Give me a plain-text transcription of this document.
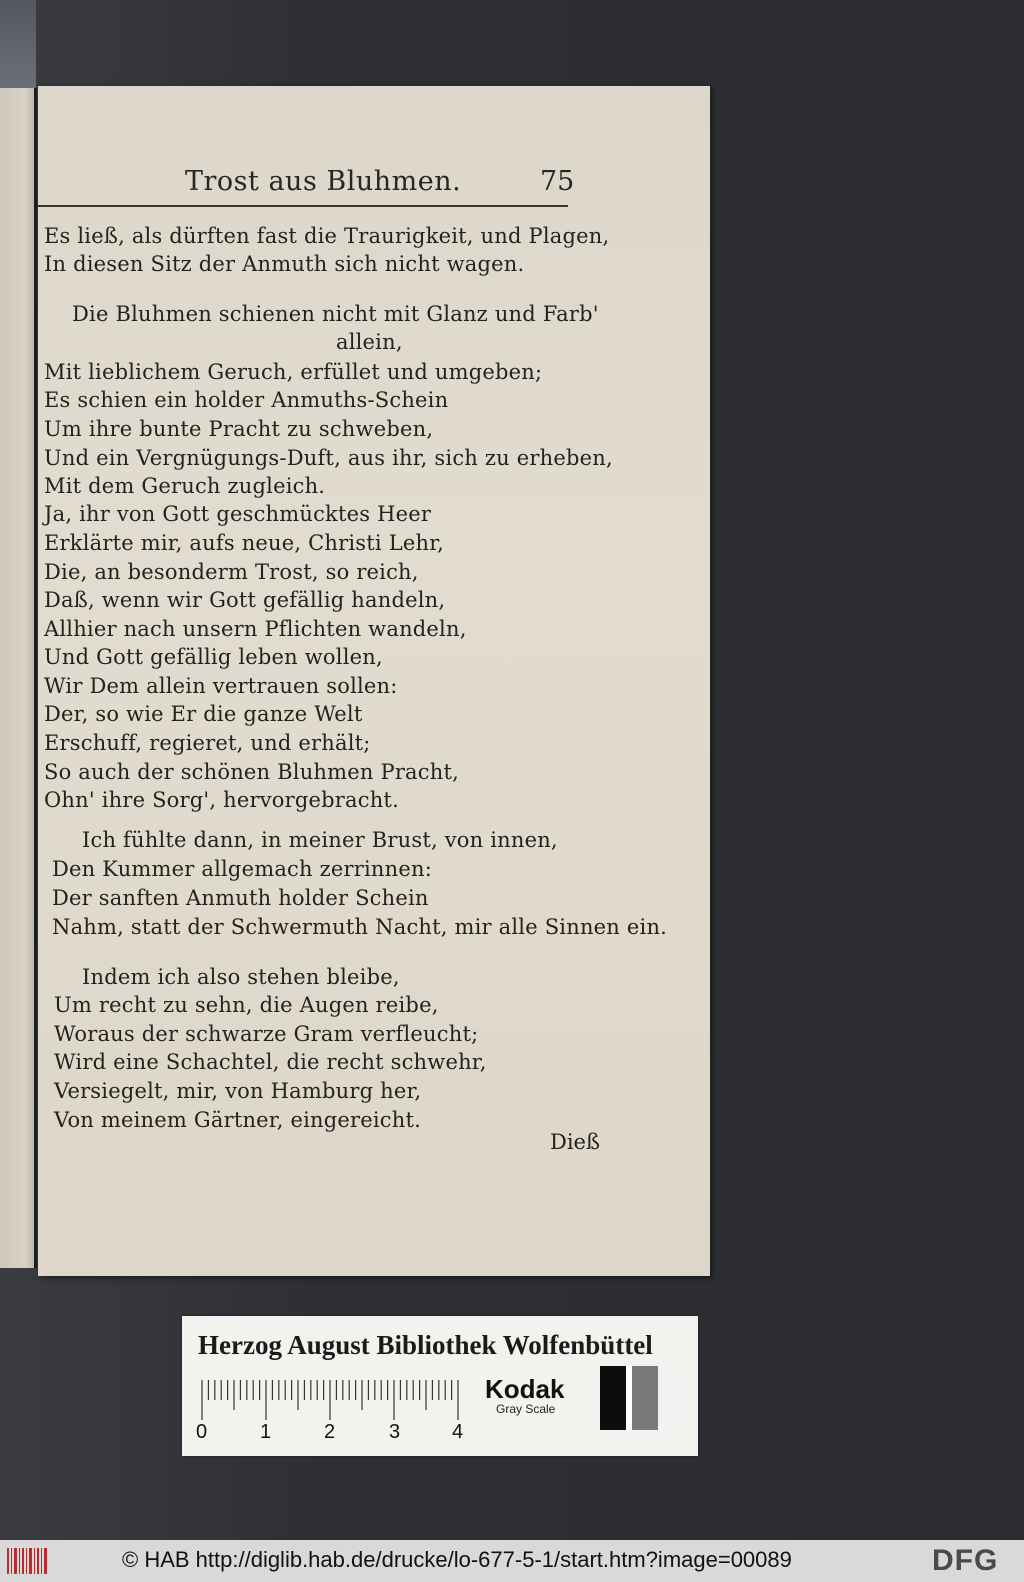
Trost aus Bluhmen.	75
Es ließ, als dürften fast die Traurigkeit, und Plagen,
In diesen Sitz der Anmuth sich nicht wagen.
Die Bluhmen schienen nicht mit Glanz und Farb'
allein,
Mit lieblichem Geruch, erfüllet und umgeben;
Es schien ein holder Anmuths-Schein
Um ihre bunte Pracht zu schweben,
Und ein Vergnügungs-Duft, aus ihr, sich zu erheben,
Mit dem Geruch zugleich.
Ja, ihr von Gott geschmücktes Heer
Erklärte mir, aufs neue, Christi Lehr,
Die, an besonderm Trost, so reich,
Daß, wenn wir Gott gefällig handeln,
Allhier nach unsern Pflichten wandeln,
Und Gott gefällig leben wollen,
Wir Dem allein vertrauen sollen:
Der, so wie Er die ganze Welt
Erschuff, regieret, und erhält;
So auch der schönen Bluhmen Pracht,
Ohn' ihre Sorg', hervorgebracht.
Ich fühlte dann, in meiner Brust, von innen,
Den Kummer allgemach zerrinnen:
Der sanften Anmuth holder Schein
Nahm, statt der Schwermuth Nacht, mir alle Sinnen ein.
Indem ich also stehen bleibe,
Um recht zu sehn, die Augen reibe,
Woraus der schwarze Gram verfleucht;
Wird eine Schachtel, die recht schwehr,
Versiegelt, mir, von Hamburg her,
Von meinem Gärtner, eingereicht.
Dieß
Herzog August Bibliothek Wolfenbüttel
0	1	2	3	4
Kodak
Gray Scale
© HAB http://diglib.hab.de/drucke/lo-677-5-1/start.htm?image=00089	DFG
